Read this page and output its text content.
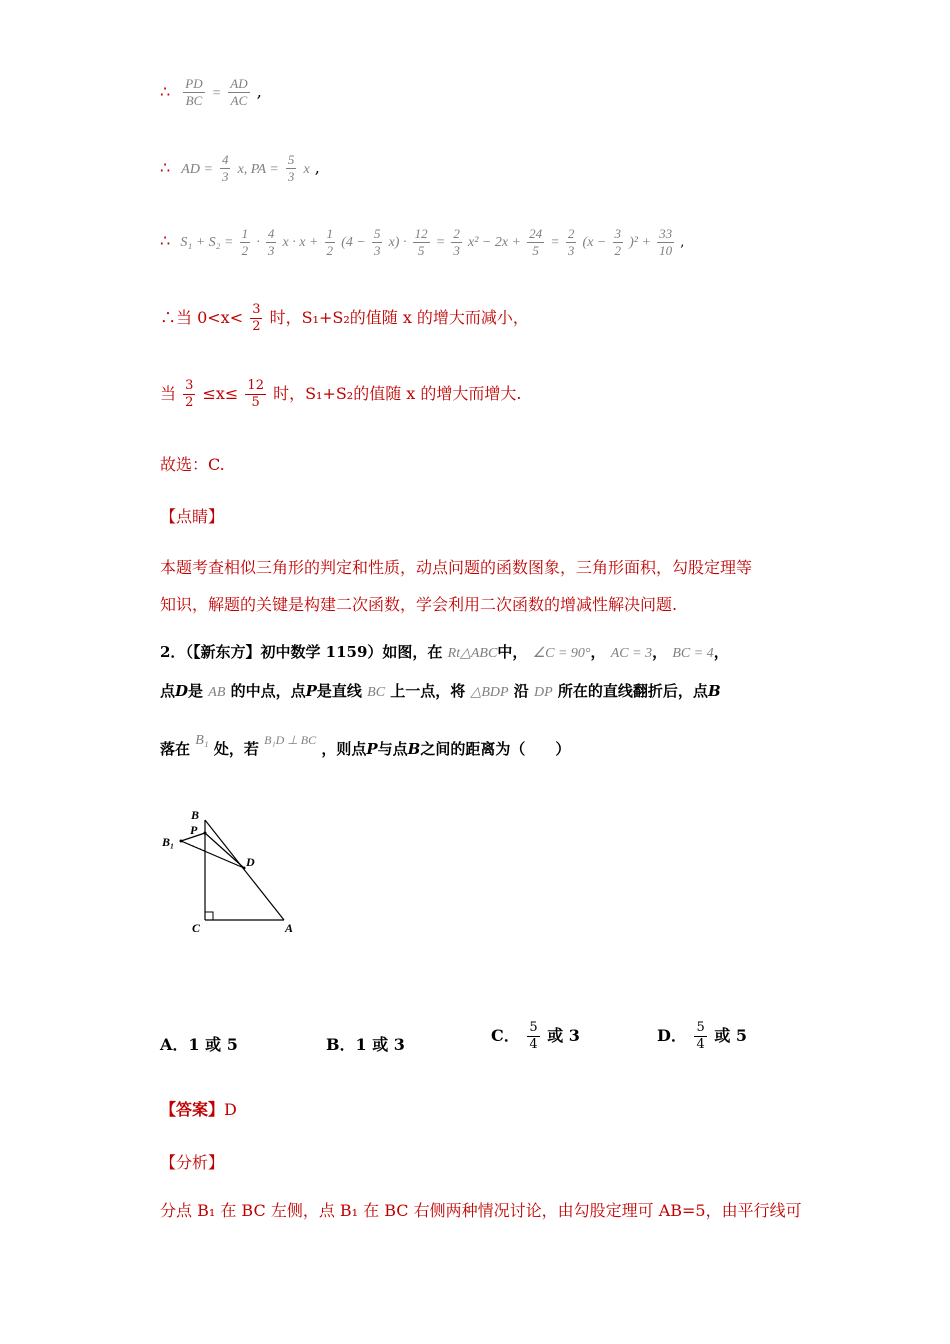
∴ $\frac{PD}{BC} = \frac{AD}{AC}$ ,
∴ AD = $\frac{4}{3} x$, PA = $\frac{5}{3}$ x ,
∴ $S_1 + S_2 = \frac{1}{2} \cdot \frac{4}{3}$ $x \cdot x + \frac{1}{2} (4 - \frac{5}{3} x) \cdot \frac{12}{5} = \frac{2}{3} x^2 - 2x + \frac{24}{5} = \frac{2}{3} (x - \frac{3}{2} )^2 + \frac{33}{10}$ ,
∴当 $0<x< \frac{3}{2}$ 时，S₁+S₂的值随 x 的增大而减小，
当 $\frac{3}{2} \le x\le \frac{12}{5}$ 时，S₁+S₂的值随 x 的增大而增大.
故选：C.
【点睛】
本题考查相似三角形的判定和性质，动点问题的函数图象，三角形面积，勾股定理等
知识，解题的关键是构建二次函数，学会利用二次函数的增减性解决问题.
2．（【新东方】初中数学 1159）如图，在 Rt△ABC中， ∠C = 90°， AC = 3， BC = 4，
点D是 AB 的中点，点P是直线 BC 上一点，将 △BDP 沿 DP 所在的直线翻折后，点B
落在 B₁ 处，若 $^{B_1D \perp BC}$ ，则点P与点B之间的距离为（　　）
B
P
B₁
D
C	A
A．1 或 5	B．1 或 3	C． $\frac{5}{4}$ 或 3	D． $\frac{5}{4}$ 或 5
【答案】D
【分析】
分点 B₁ 在 BC 左侧，点 B₁ 在 BC 右侧两种情况讨论，由勾股定理可 AB=5，由平行线可
